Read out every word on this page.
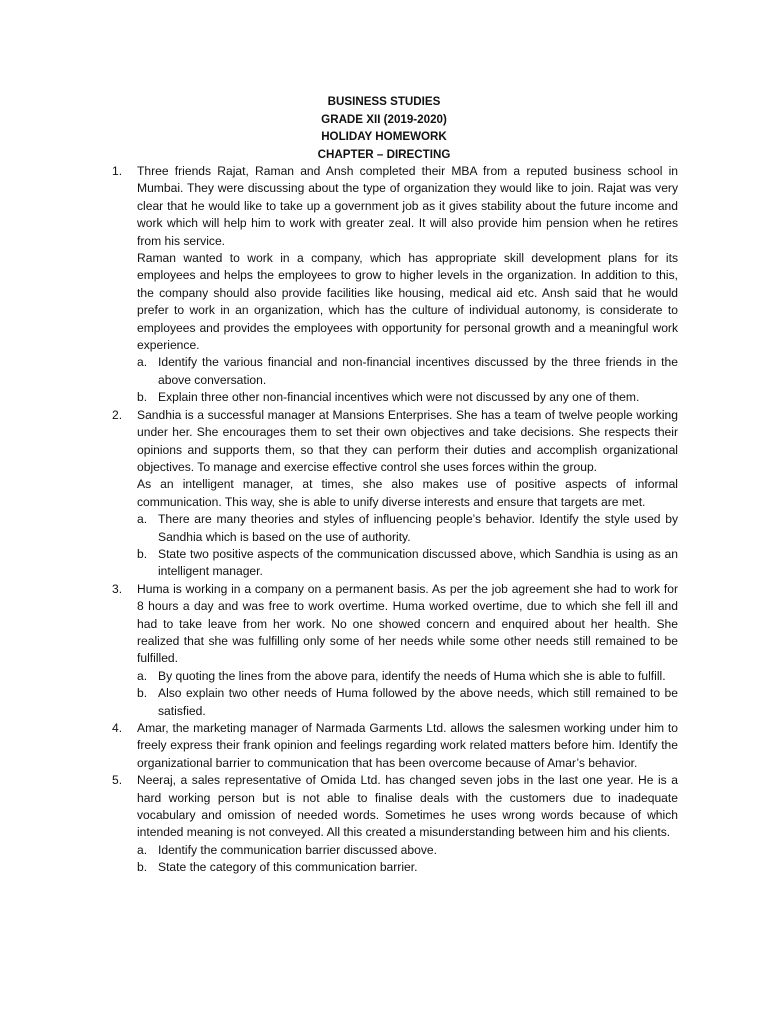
BUSINESS STUDIES
GRADE XII (2019-2020)
HOLIDAY HOMEWORK
CHAPTER – DIRECTING
1. Three friends Rajat, Raman and Ansh completed their MBA from a reputed business school in Mumbai. They were discussing about the type of organization they would like to join. Rajat was very clear that he would like to take up a government job as it gives stability about the future income and work which will help him to work with greater zeal. It will also provide him pension when he retires from his service.

Raman wanted to work in a company, which has appropriate skill development plans for its employees and helps the employees to grow to higher levels in the organization. In addition to this, the company should also provide facilities like housing, medical aid etc. Ansh said that he would prefer to work in an organization, which has the culture of individual autonomy, is considerate to employees and provides the employees with opportunity for personal growth and a meaningful work experience.

a. Identify the various financial and non-financial incentives discussed by the three friends in the above conversation.
b. Explain three other non-financial incentives which were not discussed by any one of them.
2. Sandhia is a successful manager at Mansions Enterprises. She has a team of twelve people working under her. She encourages them to set their own objectives and take decisions. She respects their opinions and supports them, so that they can perform their duties and accomplish organizational objectives. To manage and exercise effective control she uses forces within the group.

As an intelligent manager, at times, she also makes use of positive aspects of informal communication. This way, she is able to unify diverse interests and ensure that targets are met.

a. There are many theories and styles of influencing people’s behavior. Identify the style used by Sandhia which is based on the use of authority.
b. State two positive aspects of the communication discussed above, which Sandhia is using as an intelligent manager.
3. Huma is working in a company on a permanent basis. As per the job agreement she had to work for 8 hours a day and was free to work overtime. Huma worked overtime, due to which she fell ill and had to take leave from her work. No one showed concern and enquired about her health. She realized that she was fulfilling only some of her needs while some other needs still remained to be fulfilled.

a. By quoting the lines from the above para, identify the needs of Huma which she is able to fulfill.
b. Also explain two other needs of Huma followed by the above needs, which still remained to be satisfied.
4. Amar, the marketing manager of Narmada Garments Ltd. allows the salesmen working under him to freely express their frank opinion and feelings regarding work related matters before him. Identify the organizational barrier to communication that has been overcome because of Amar’s behavior.

5. Neeraj, a sales representative of Omida Ltd. has changed seven jobs in the last one year. He is a hard working person but is not able to finalise deals with the customers due to inadequate vocabulary and omission of needed words. Sometimes he uses wrong words because of which intended meaning is not conveyed. All this created a misunderstanding between him and his clients.

a. Identify the communication barrier discussed above.
b. State the category of this communication barrier.
